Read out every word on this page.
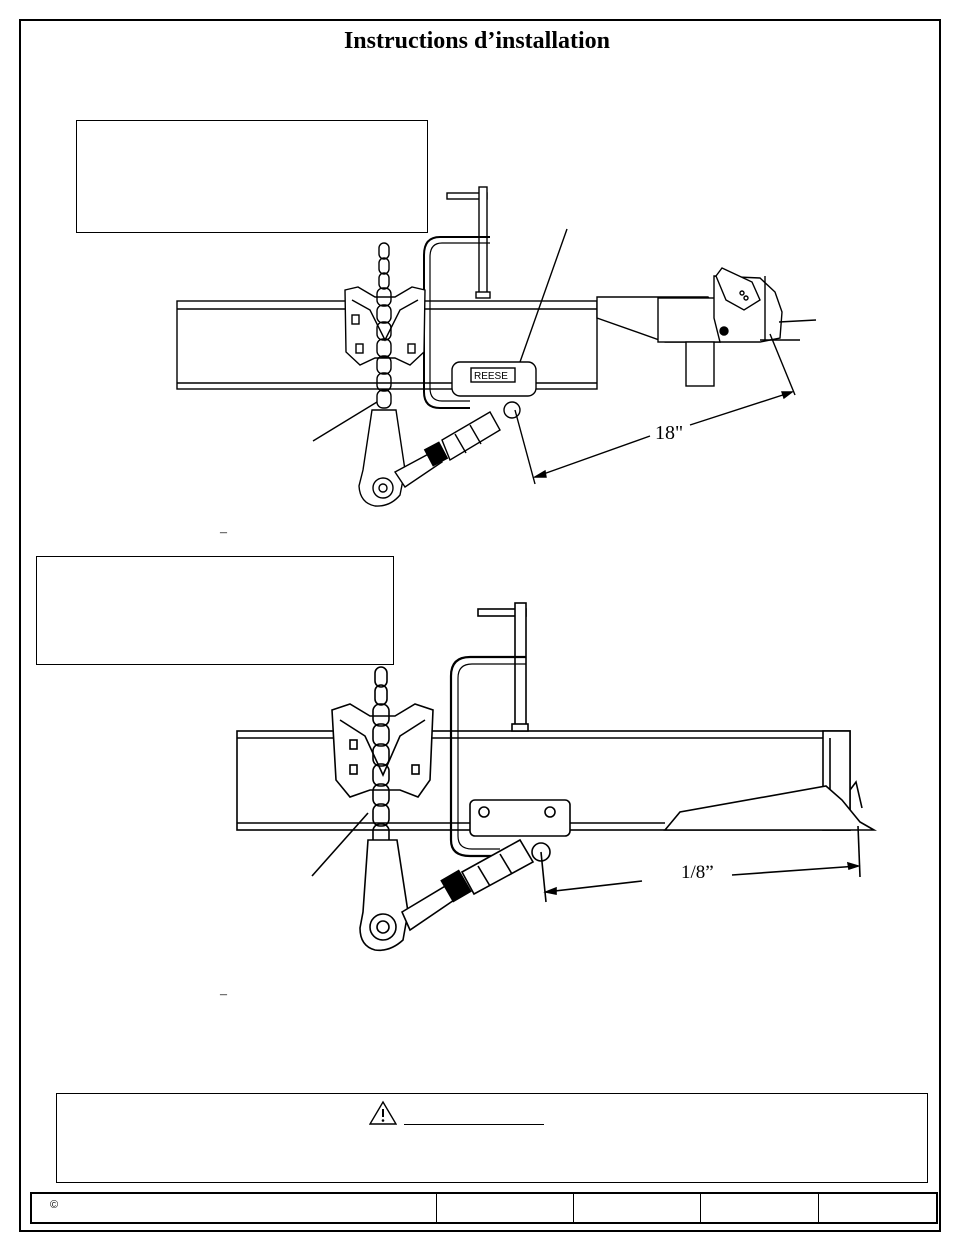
Instructions d’installation
REESE
18"
–
1/8”
–
©
